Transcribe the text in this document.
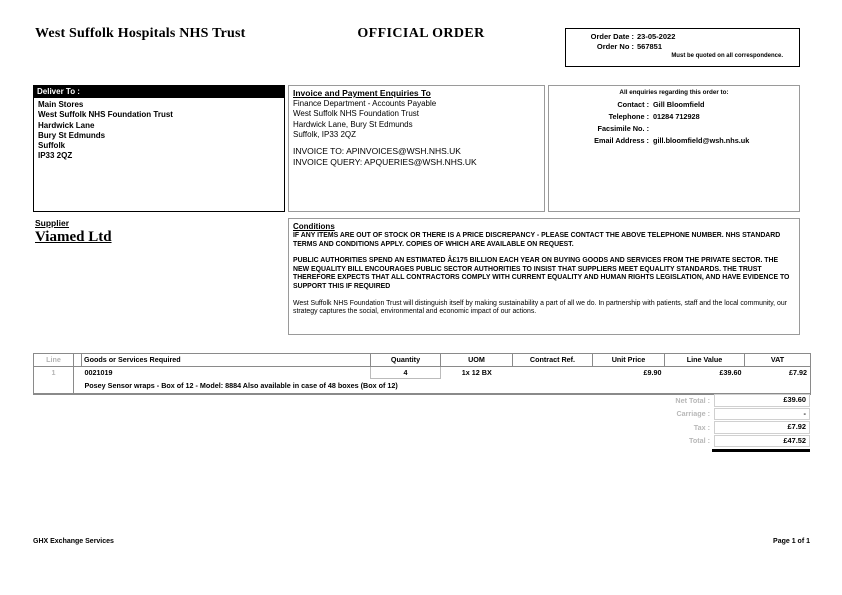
West Suffolk Hospitals NHS Trust	OFFICIAL ORDER	Order Date : 23-05-2022
Order No : 567851
Must be quoted on all correspondence.
Deliver To :
Main Stores
West Suffolk NHS Foundation Trust
Hardwick Lane
Bury St Edmunds
Suffolk
IP33 2QZ
Invoice and Payment Enquiries To
Finance Department - Accounts Payable
West Suffolk NHS Foundation Trust
Hardwick Lane, Bury St Edmunds
Suffolk, IP33 2QZ
INVOICE TO: APINVOICES@WSH.NHS.UK
INVOICE QUERY: APQUERIES@WSH.NHS.UK
All enquiries regarding this order to:
Contact : Gill Bloomfield
Telephone : 01284 712928
Facsimile No. :
Email Address : gill.bloomfield@wsh.nhs.uk
Supplier
Viamed Ltd
Conditions

IF ANY ITEMS ARE OUT OF STOCK OR THERE IS A PRICE DISCREPANCY - PLEASE CONTACT THE ABOVE TELEPHONE NUMBER. NHS STANDARD TERMS AND CONDITIONS APPLY. COPIES OF WHICH ARE AVAILABLE ON REQUEST.

PUBLIC AUTHORITIES SPEND AN ESTIMATED Â£175 BILLION EACH YEAR ON BUYING GOODS AND SERVICES FROM THE PRIVATE SECTOR. THE NEW EQUALITY BILL ENCOURAGES PUBLIC SECTOR AUTHORITIES TO INSIST THAT SUPPLIERS MEET EQUALITY STANDARDS. THE TRUST THEREFORE EXPECTS THAT ALL CONTRACTORS COMPLY WITH CURRENT EQUALITY AND HUMAN RIGHTS LEGISLATION, AND HAVE EVIDENCE TO SUPPORT THIS IF REQUIRED

West Suffolk NHS Foundation Trust will distinguish itself by making sustainability a part of all we do. In partnership with patients, staff and the local community, our strategy captures the social, environmental and economic impact of our actions.

Line		Goods or Services Required	Quantity	UOM	Contract Ref.	Unit Price	Line Value	VAT
1		0021019	4	1x 12 BX		£9.90	£39.60	£7.92
		Posey Sensor wraps - Box of 12 - Model: 8884 Also available in case of 48 boxes (Box of 12)						
Net Total :	£39.60
Carriage :	-
Tax :	£7.92
Total :	£47.52
GHX Exchange Services	Page 1 of 1
